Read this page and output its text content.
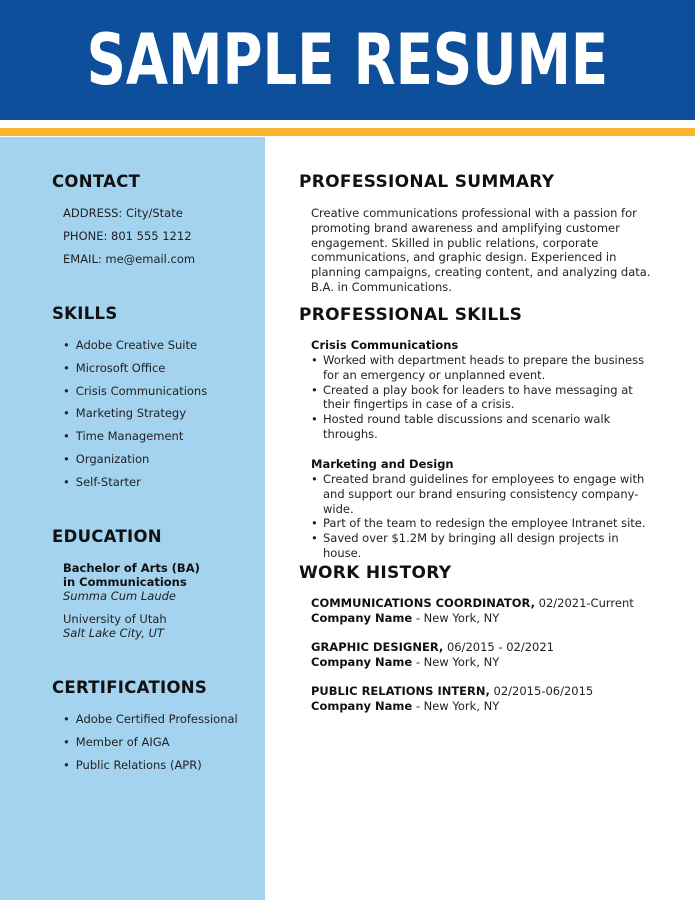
SAMPLE RESUME
CONTACT

ADDRESS: City/State

PHONE: 801 555 1212

EMAIL: me@email.com

SKILLS
• Adobe Creative Suite
• Microsoft Office
• Crisis Communications
• Marketing Strategy
• Time Management
• Organization
• Self-Starter
EDUCATION
Bachelor of Arts (BA)
in Communications
Summa Cum Laude
University of Utah
Salt Lake City, UT
CERTIFICATIONS
• Adobe Certified Professional
• Member of AIGA
• Public Relations (APR)
PROFESSIONAL SUMMARY

Creative communications professional with a passion for promoting brand awareness and amplifying customer engagement. Skilled in public relations, corporate communications, and graphic design. Experienced in planning campaigns, creating content, and analyzing data. B.A. in Communications.

PROFESSIONAL SKILLS

Crisis Communications

• Worked with department heads to prepare the business for an emergency or unplanned event.
• Created a play book for leaders to have messaging at their fingertips in case of a crisis.
• Hosted round table discussions and scenario walk throughs.

Marketing and Design

• Created brand guidelines for employees to engage with and support our brand ensuring consistency company-wide.
• Part of the team to redesign the employee Intranet site.
• Saved over $1.2M by bringing all design projects in house.
WORK HISTORY
COMMUNICATIONS COORDINATOR, 02/2021-Current
Company Name - New York, NY
GRAPHIC DESIGNER, 06/2015 - 02/2021
Company Name - New York, NY
PUBLIC RELATIONS INTERN, 02/2015-06/2015
Company Name - New York, NY
